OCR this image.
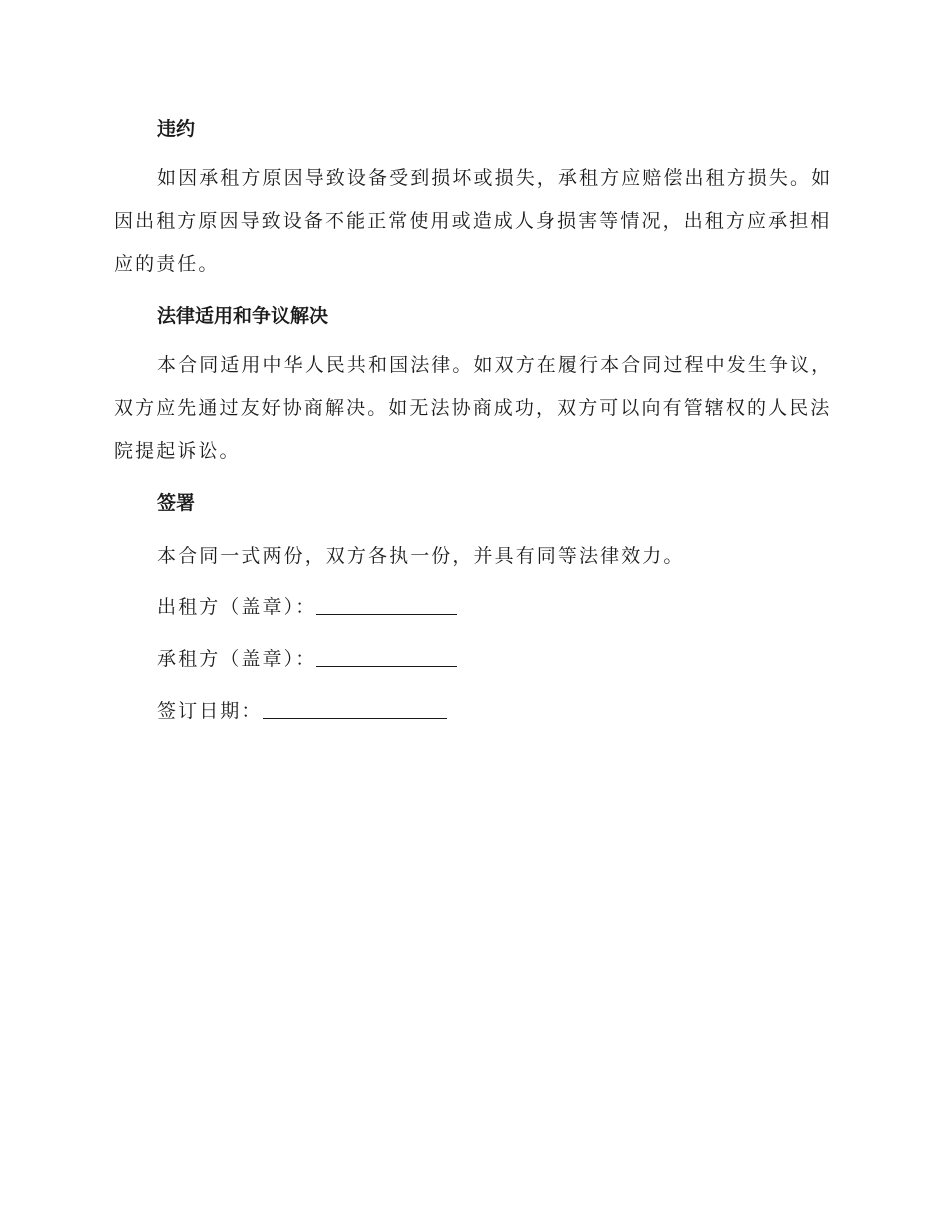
违约
如因承租方原因导致设备受到损坏或损失，承租方应赔偿出租方损失。如因出租方原因导致设备不能正常使用或造成人身损害等情况，出租方应承担相应的责任。
法律适用和争议解决
本合同适用中华人民共和国法律。如双方在履行本合同过程中发生争议，双方应先通过友好协商解决。如无法协商成功，双方可以向有管辖权的人民法院提起诉讼。
签署
本合同一式两份，双方各执一份，并具有同等法律效力。
出租方（盖章）：
承租方（盖章）：
签订日期：
